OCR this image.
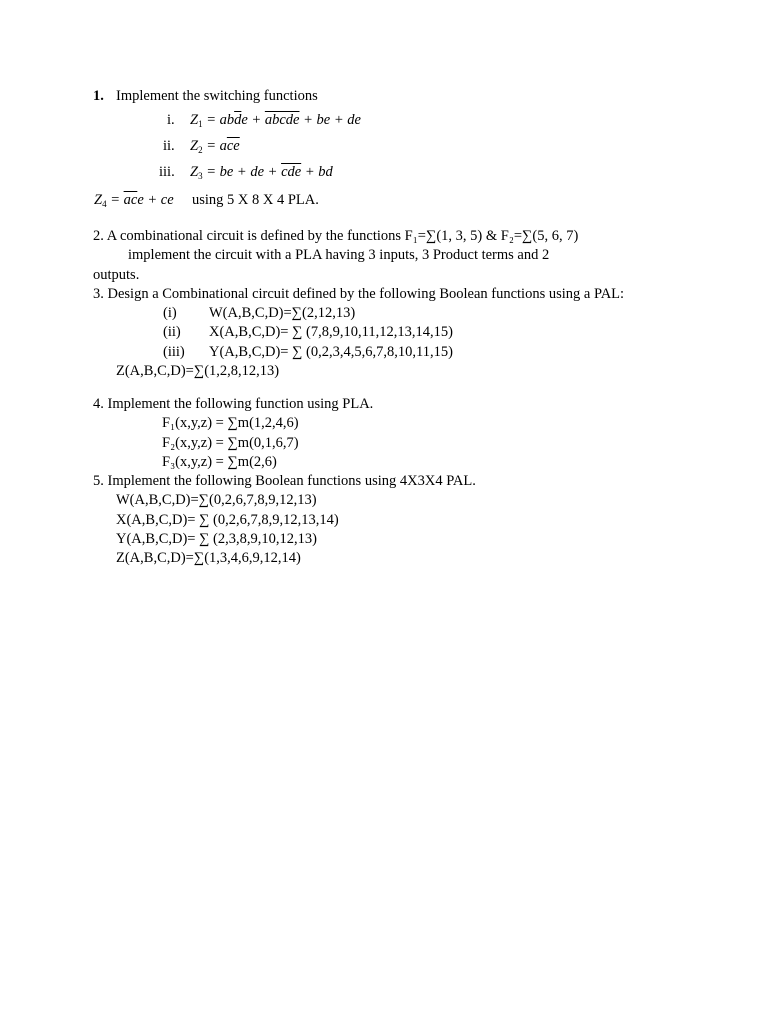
1. Implement the switching functions
i. $Z_1 = ab\overline{d}e$ + abcde + be + de
ii. $Z_2 = a\overline{ce}$
iii. $Z_3$ = be + de + $\overline{cde}$ + bd
$Z_4 = \overline{ac}e$ + ce using 5 X 8 X 4 PLA.
2. A combinational circuit is defined by the functions F₁=∑(1, 3, 5) & F₂=∑(5, 6, 7)
implement the circuit with a PLA having 3 inputs, 3 Product terms and 2
outputs.
3. Design a Combinational circuit defined by the following Boolean functions using a PAL:
(i) W(A,B,C,D)=∑(2,12,13)
(ii) X(A,B,C,D)= ∑ (7,8,9,10,11,12,13,14,15)
(iii) Y(A,B,C,D)= ∑ (0,2,3,4,5,6,7,8,10,11,15)
Z(A,B,C,D)=∑(1,2,8,12,13)
4. Implement the following function using PLA.
F₁(x,y,z) = ∑m(1,2,4,6)
F₂(x,y,z) = ∑m(0,1,6,7)
F₃(x,y,z) = ∑m(2,6)
5. Implement the following Boolean functions using 4X3X4 PAL.
W(A,B,C,D)=∑(0,2,6,7,8,9,12,13)
X(A,B,C,D)= ∑ (0,2,6,7,8,9,12,13,14)
Y(A,B,C,D)= ∑ (2,3,8,9,10,12,13)
Z(A,B,C,D)=∑(1,3,4,6,9,12,14)
